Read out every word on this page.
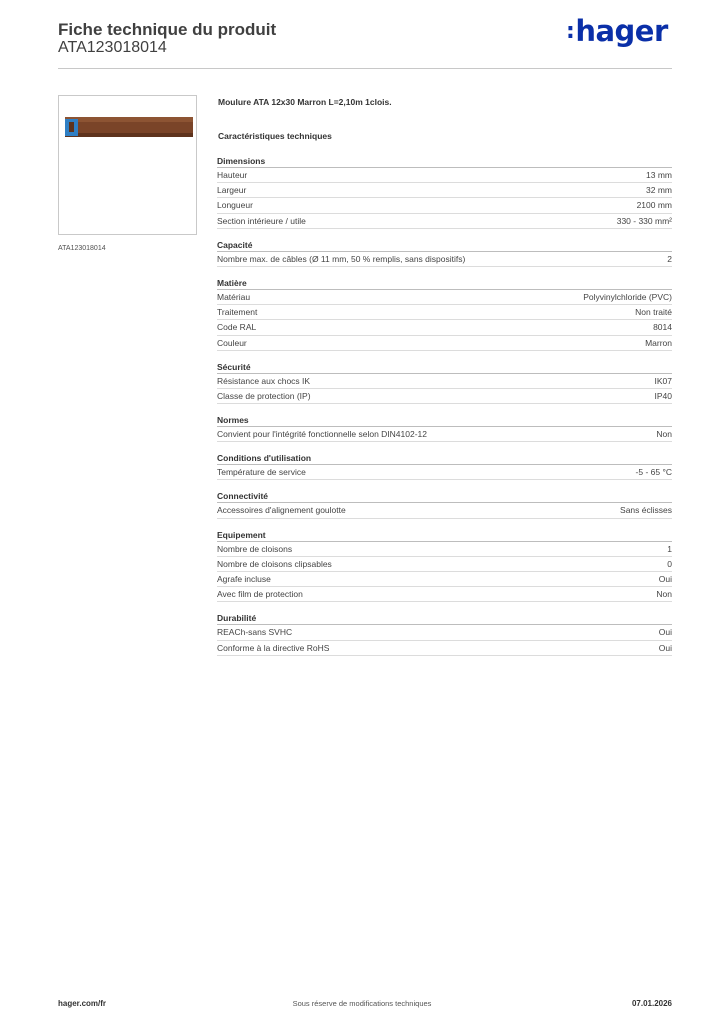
Fiche technique du produit
ATA123018014
:hager
ATA123018014
Moulure ATA 12x30 Marron L=2,10m 1clois.
Caractéristiques techniques
Dimensions
Hauteur	13 mm
Largeur	32 mm
Longueur	2100 mm
Section intérieure / utile	330 - 330 mm²
Capacité
Nombre max. de câbles (Ø 11 mm, 50 % remplis, sans dispositifs)	2
Matière
Matériau	Polyvinylchloride (PVC)
Traitement	Non traité
Code RAL	8014
Couleur	Marron
Sécurité
Résistance aux chocs IK	IK07
Classe de protection (IP)	IP40
Normes
Convient pour l'intégrité fonctionnelle selon DIN4102-12	Non
Conditions d'utilisation
Température de service	-5 - 65 °C
Connectivité
Accessoires d'alignement goulotte	Sans éclisses
Equipement
Nombre de cloisons	1
Nombre de cloisons clipsables	0
Agrafe incluse	Oui
Avec film de protection	Non
Durabilité
REACh-sans SVHC	Oui
Conforme à la directive RoHS	Oui
hager.com/fr	Sous réserve de modifications techniques	07.01.2026
